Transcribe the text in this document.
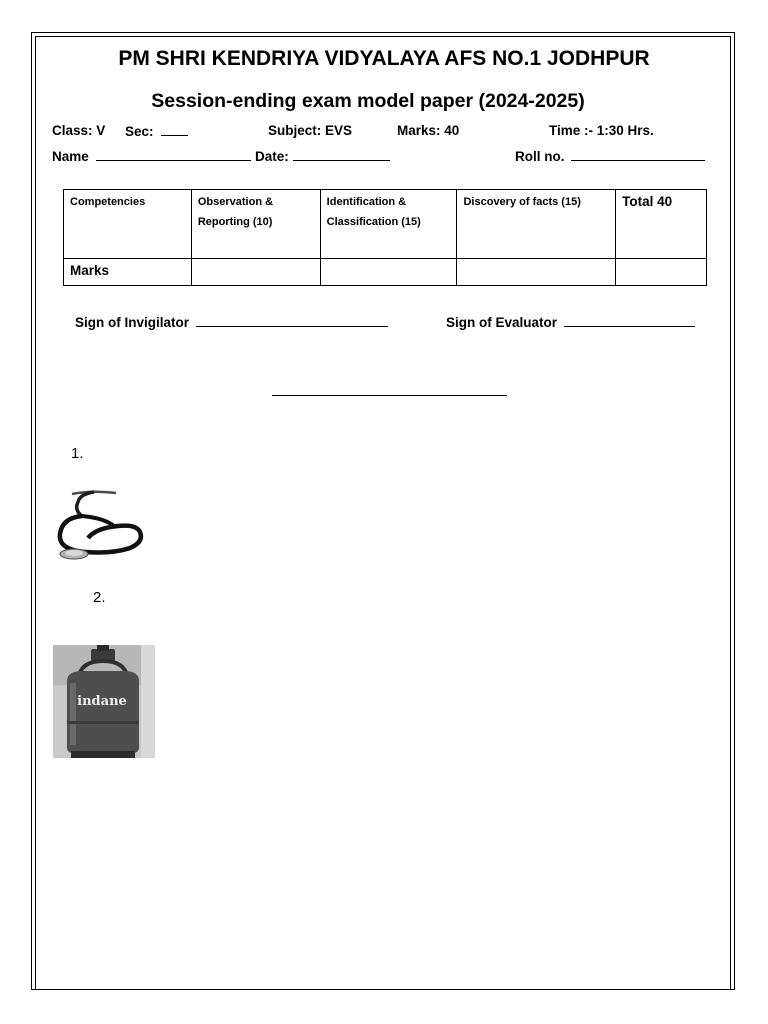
PM SHRI KENDRIYA VIDYALAYA AFS NO.1 JODHPUR
Session-ending exam model paper (2024-2025)
Class: V Sec:	Subject: EVS	Marks: 40	Time :- 1:30 Hrs.
Name	Date:	Roll no.
Competencies	Observation & Reporting (10)	Identification & Classification (15)	Discovery of facts (15)	Total 40
Marks				
Sign of Invigilator	Sign of Evaluator
1.
2.
indane
